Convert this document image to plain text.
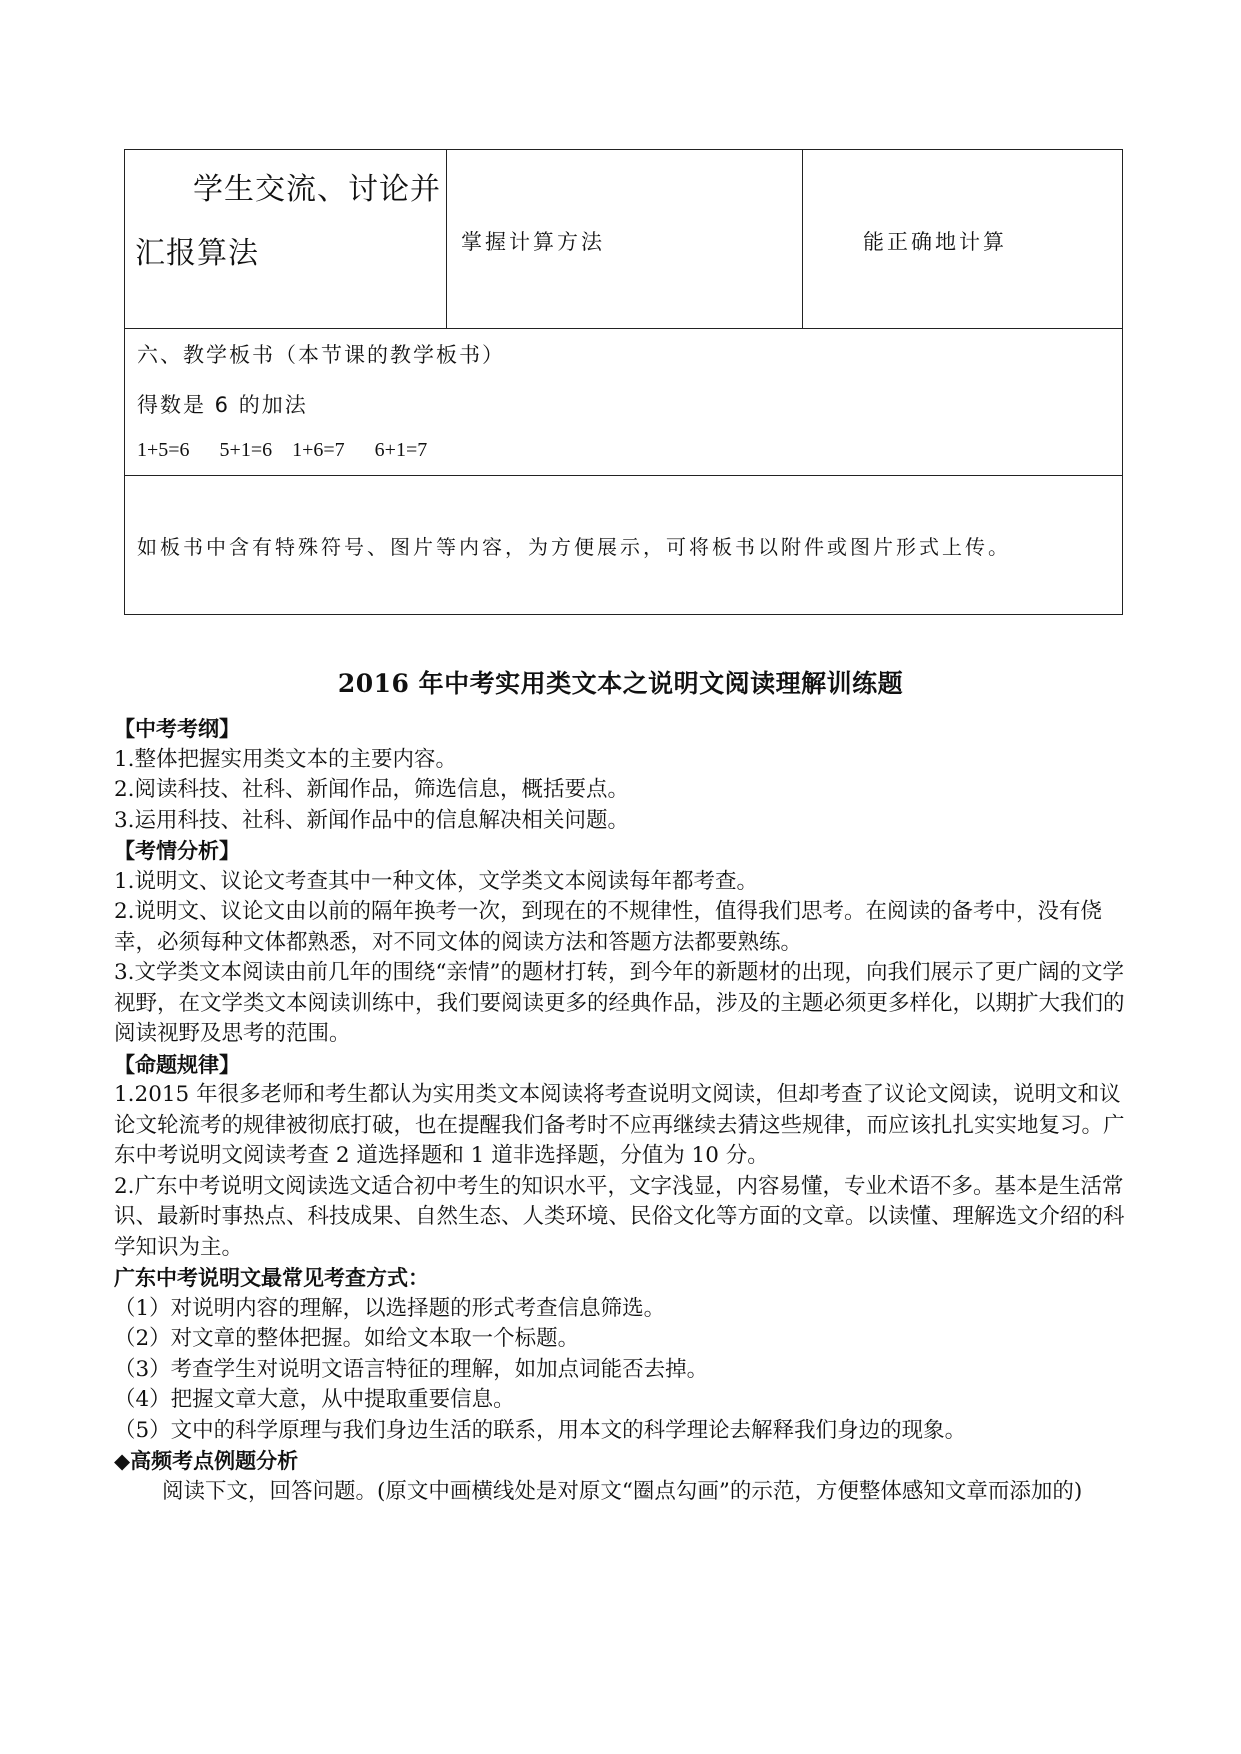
学生交流、讨论并
汇报算法	掌握计算方法	能正确地计算
六、教学板书（本节课的教学板书）
得数是 6 的加法
1+5=6      5+1=6    1+6=7      6+1=7
如板书中含有特殊符号、图片等内容，为方便展示，可将板书以附件或图片形式上传。
2016 年中考实用类文本之说明文阅读理解训练题

【中考考纲】

1.整体把握实用类文本的主要内容。

2.阅读科技、社科、新闻作品，筛选信息，概括要点。

3.运用科技、社科、新闻作品中的信息解决相关问题。

【考情分析】

1.说明文、议论文考查其中一种文体，文学类文本阅读每年都考查。

2.说明文、议论文由以前的隔年换考一次，到现在的不规律性，值得我们思考。在阅读的备考中，没有侥幸，必须每种文体都熟悉，对不同文体的阅读方法和答题方法都要熟练。

3.文学类文本阅读由前几年的围绕“亲情”的题材打转，到今年的新题材的出现，向我们展示了更广阔的文学视野，在文学类文本阅读训练中，我们要阅读更多的经典作品，涉及的主题必须更多样化，以期扩大我们的阅读视野及思考的范围。

【命题规律】

1.2015 年很多老师和考生都认为实用类文本阅读将考查说明文阅读，但却考查了议论文阅读，说明文和议论文轮流考的规律被彻底打破，也在提醒我们备考时不应再继续去猜这些规律，而应该扎扎实实地复习。广东中考说明文阅读考查 2 道选择题和 1 道非选择题，分值为 10 分。

2.广东中考说明文阅读选文适合初中考生的知识水平，文字浅显，内容易懂，专业术语不多。基本是生活常识、最新时事热点、科技成果、自然生态、人类环境、民俗文化等方面的文章。以读懂、理解选文介绍的科学知识为主。

广东中考说明文最常见考查方式：

（1）对说明内容的理解，以选择题的形式考查信息筛选。

（2）对文章的整体把握。如给文本取一个标题。

（3）考查学生对说明文语言特征的理解，如加点词能否去掉。

（4）把握文章大意，从中提取重要信息。

（5）文中的科学原理与我们身边生活的联系，用本文的科学理论去解释我们身边的现象。

◆高频考点例题分析

阅读下文，回答问题。(原文中画横线处是对原文“圈点勾画”的示范，方便整体感知文章而添加的)
